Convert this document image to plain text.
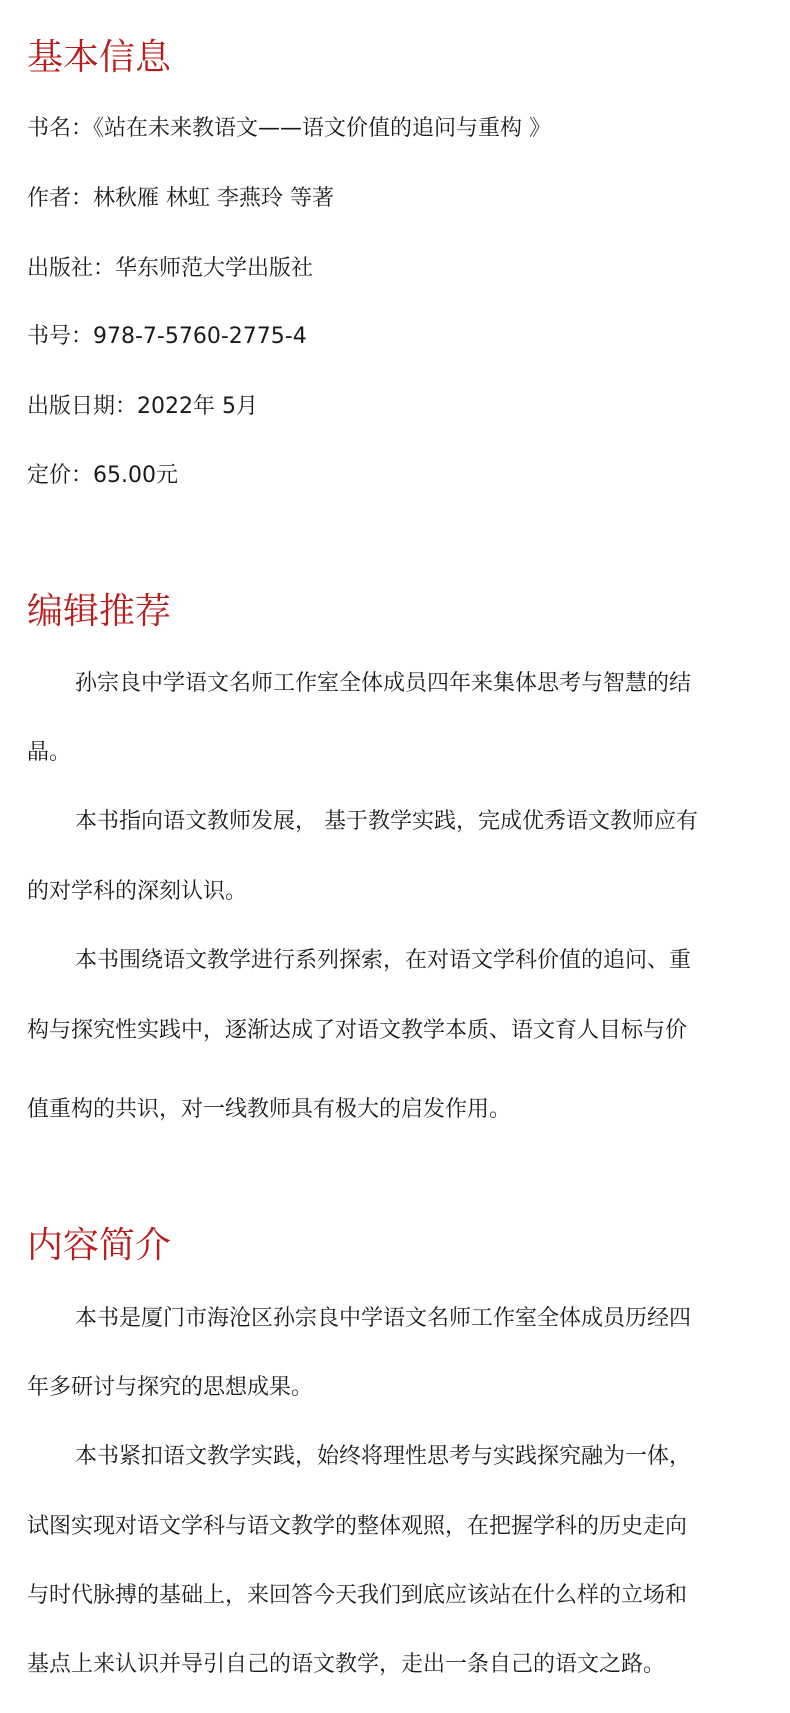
基本信息

书名：《站在未来教语文——语文价值的追问与重构 》

作者：林秋雁 林虹 李燕玲 等著

出版社：华东师范大学出版社

书号：978-7-5760-2775-4

出版日期：2022年 5月

定价：65.00元

编辑推荐

孙宗良中学语文名师工作室全体成员四年来集体思考与智慧的结

晶。

本书指向语文教师发展， 基于教学实践，完成优秀语文教师应有

的对学科的深刻认识。

本书围绕语文教学进行系列探索，在对语文学科价值的追问、重

构与探究性实践中，逐渐达成了对语文教学本质、语文育人目标与价

值重构的共识，对一线教师具有极大的启发作用。

内容简介

本书是厦门市海沧区孙宗良中学语文名师工作室全体成员历经四

年多研讨与探究的思想成果。

本书紧扣语文教学实践，始终将理性思考与实践探究融为一体，

试图实现对语文学科与语文教学的整体观照，在把握学科的历史走向

与时代脉搏的基础上，来回答今天我们到底应该站在什么样的立场和

基点上来认识并导引自己的语文教学，走出一条自己的语文之路。
